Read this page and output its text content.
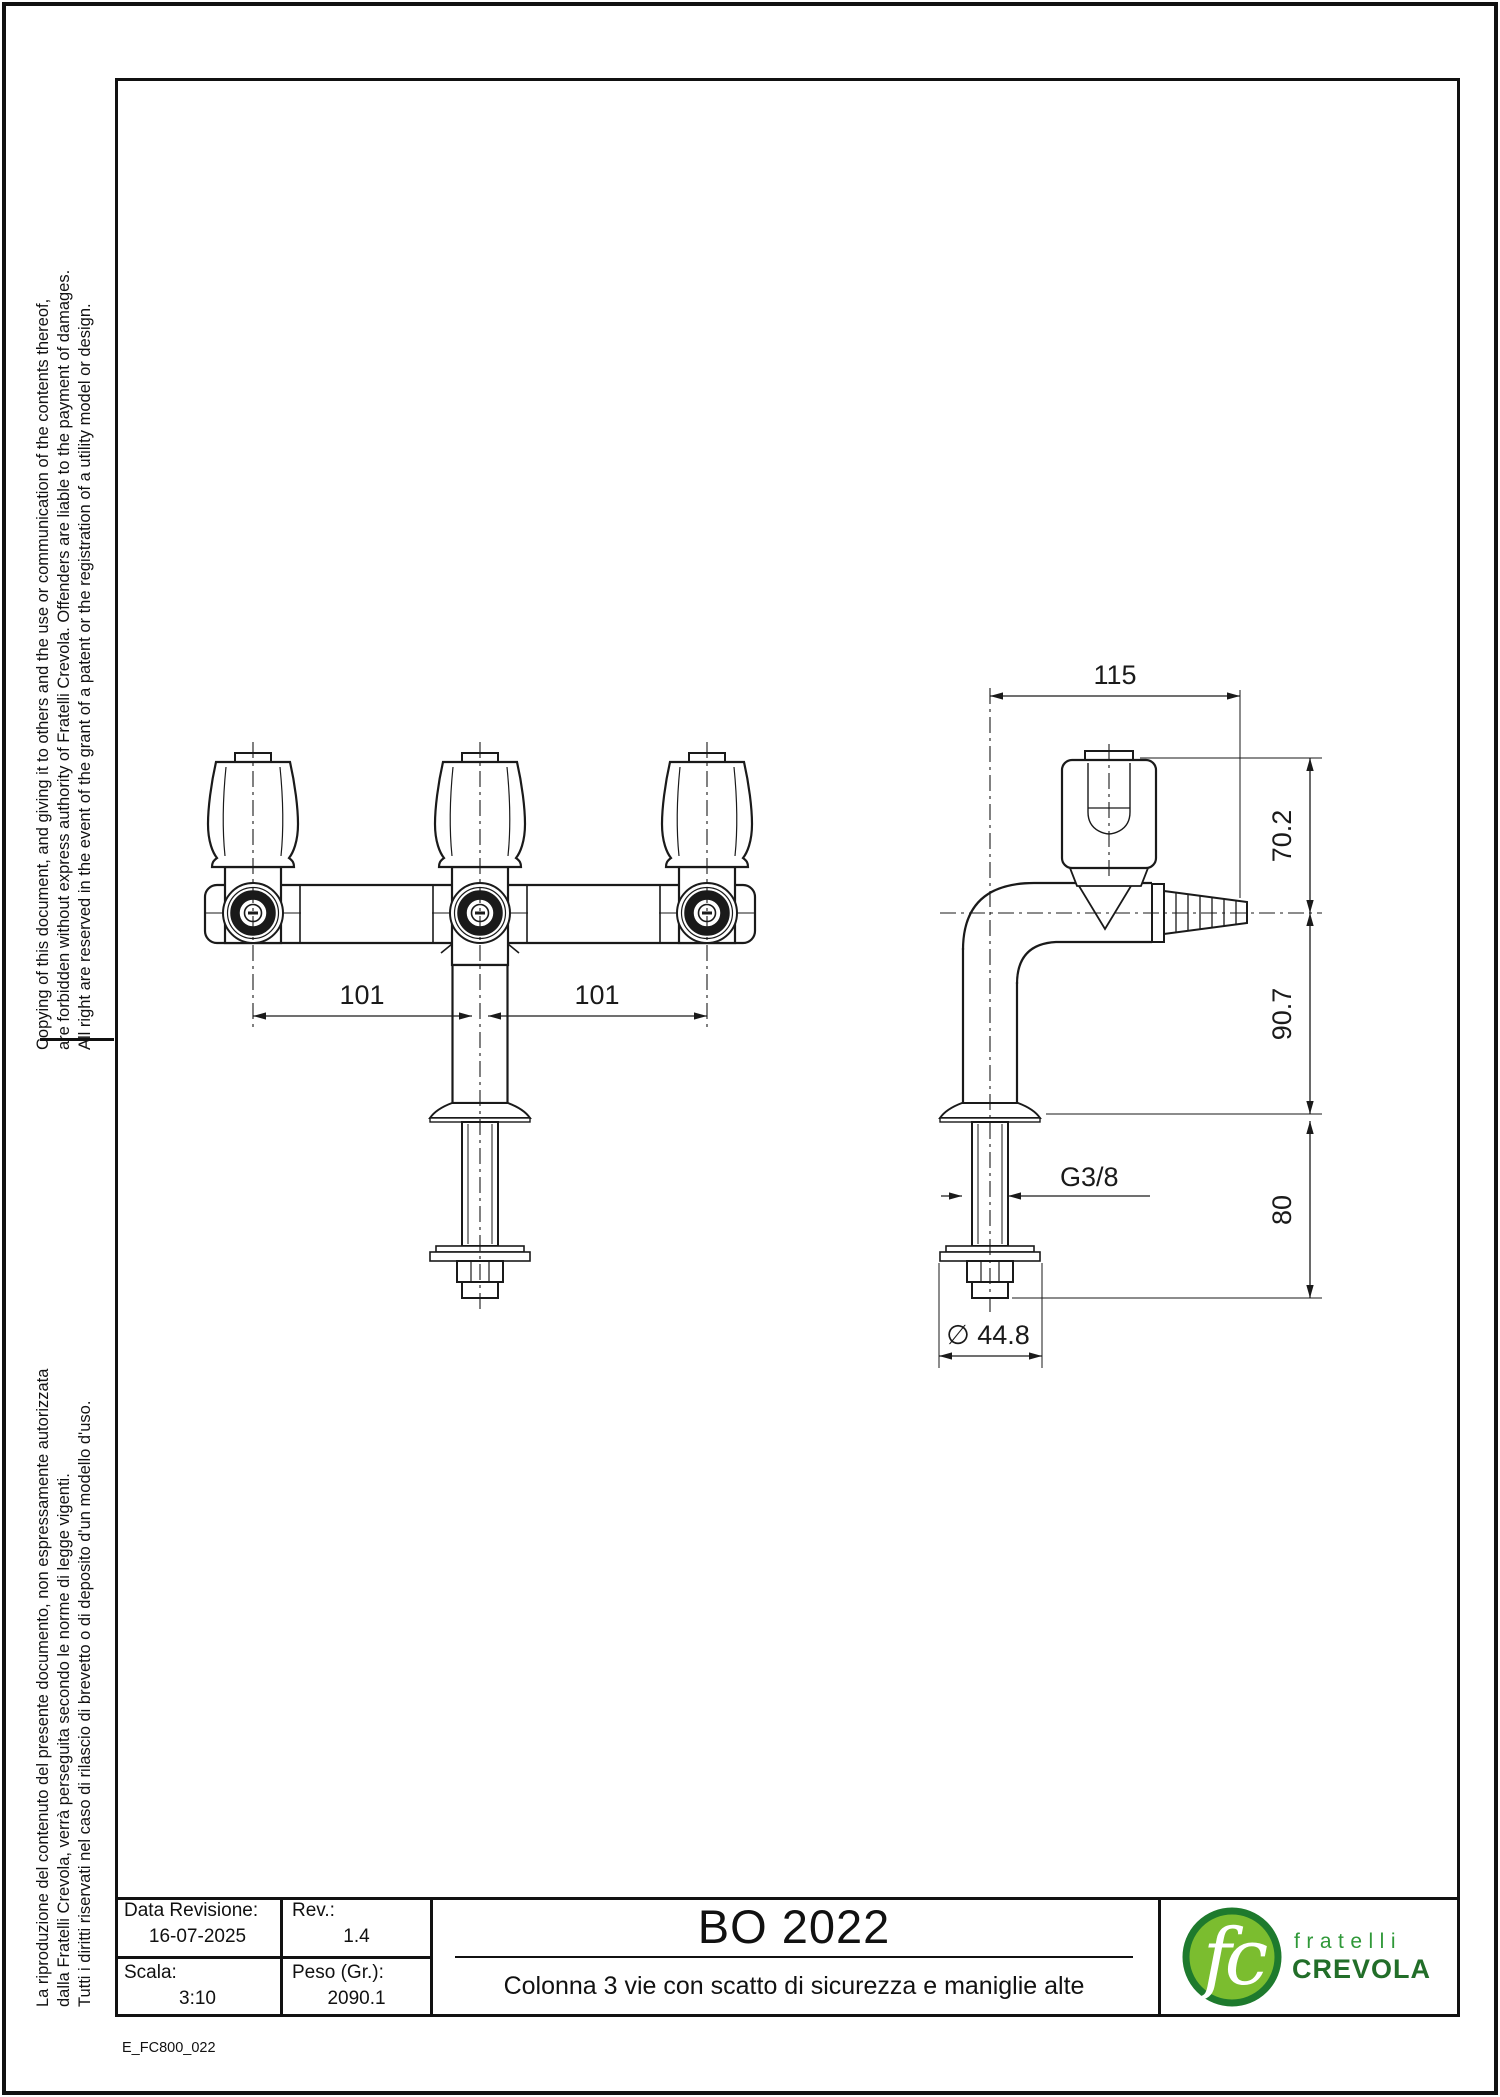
Copying of this document, and giving it to others and the use or communication of the contents thereof, are forbidden without express authority of Fratelli Crevola. Offenders are liable to the payment of damages. All right are reserved in the event of the grant of a patent or the registration of a utility model or design.
La riproduzione del contenuto del presente documento, non espressamente autorizzata dalla Fratelli Crevola, verrà perseguita secondo le norme di legge vigenti. Tutti i diritti riservati nel caso di rilascio di brevetto o di deposito d'un modello d'uso.
E_FC800_022
101	101
115
70.2
90.7
80
G3/8
∅ 44.8
Data Revisione:
16-07-2025
Rev.:
1.4
Scala:
3:10
Peso (Gr.):
2090.1
BO 2022
Colonna 3 vie con scatto di sicurezza e maniglie alte	fc	fratelli
CREVOLA
